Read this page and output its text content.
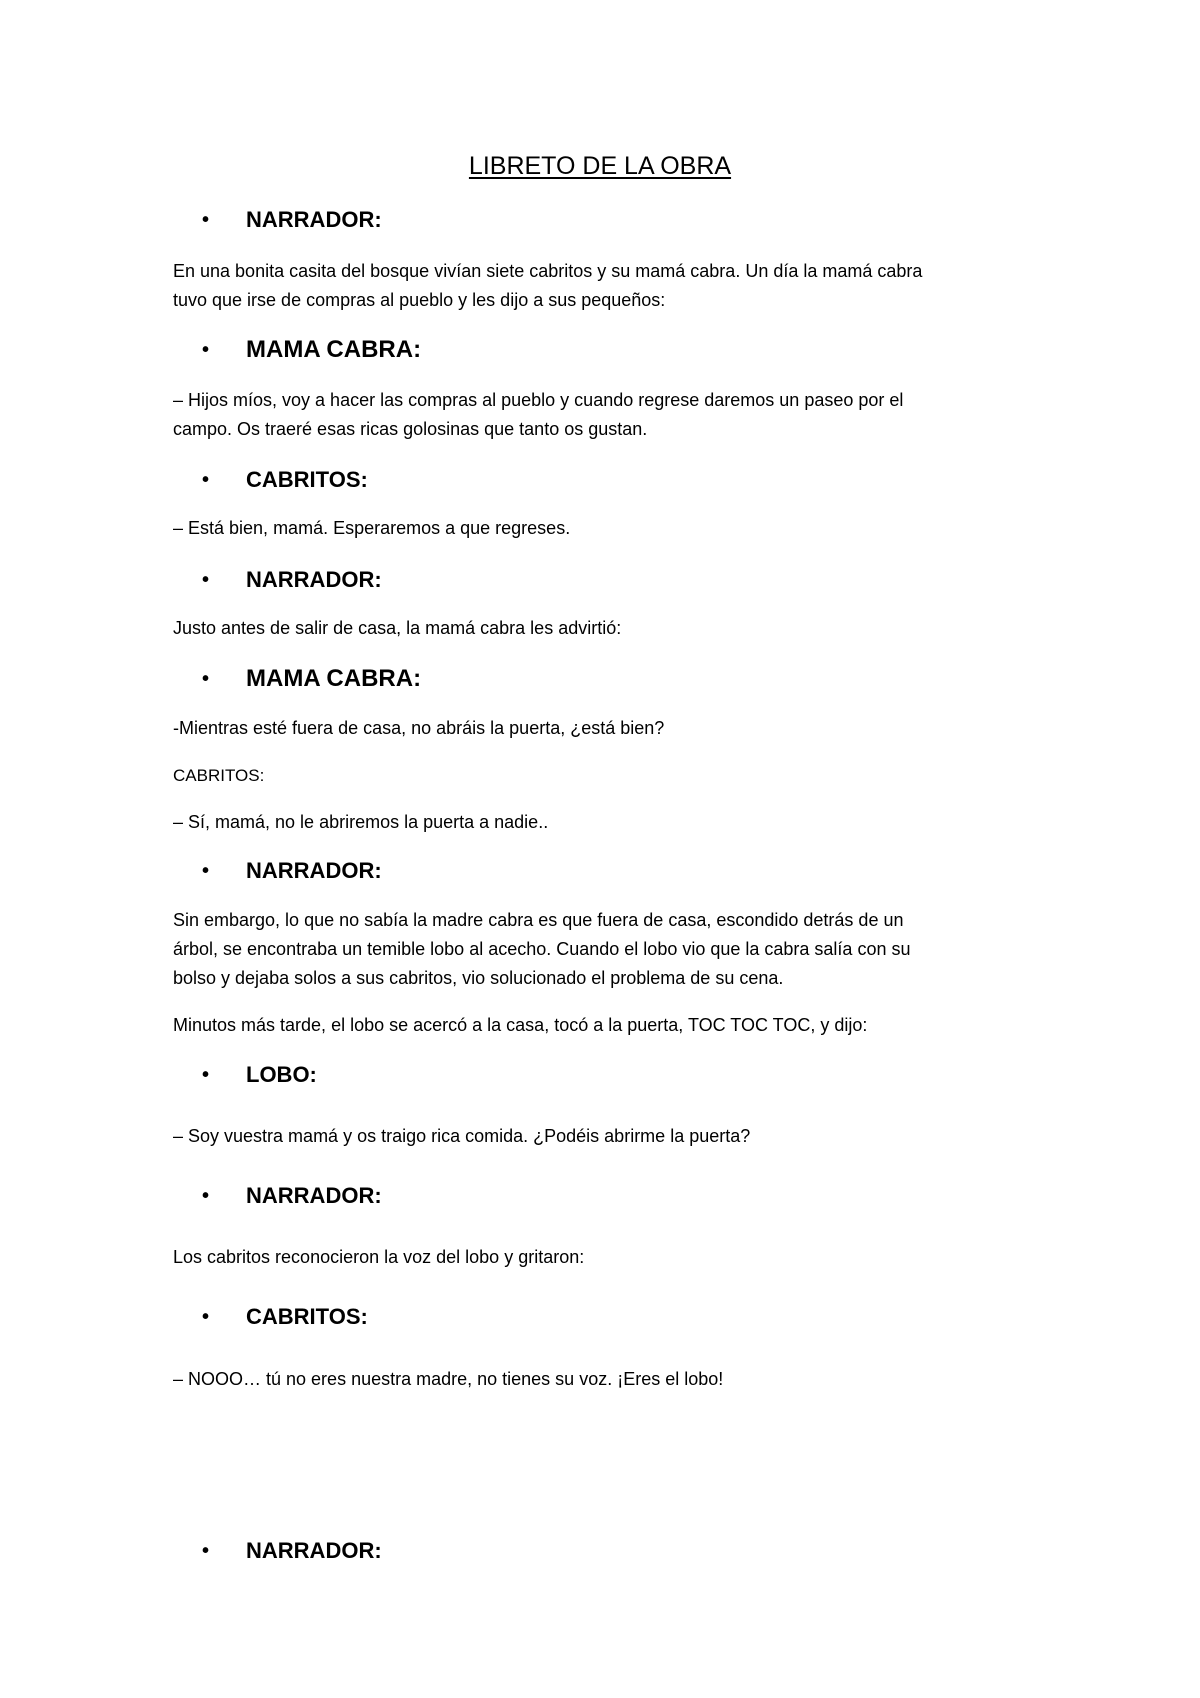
LIBRETO DE LA OBRA
• NARRADOR:
En una bonita casita del bosque vivían siete cabritos y su mamá cabra. Un día la mamá cabra
tuvo que irse de compras al pueblo y les dijo a sus pequeños:
• MAMA CABRA:
– Hijos míos, voy a hacer las compras al pueblo y cuando regrese daremos un paseo por el
campo. Os traeré esas ricas golosinas que tanto os gustan.
• CABRITOS:
– Está bien, mamá. Esperaremos a que regreses.
• NARRADOR:
Justo antes de salir de casa, la mamá cabra les advirtió:
• MAMA CABRA:
-Mientras esté fuera de casa, no abráis la puerta, ¿está bien?
CABRITOS:
– Sí, mamá, no le abriremos la puerta a nadie..
• NARRADOR:
Sin embargo, lo que no sabía la madre cabra es que fuera de casa, escondido detrás de un
árbol, se encontraba un temible lobo al acecho. Cuando el lobo vio que la cabra salía con su
bolso y dejaba solos a sus cabritos, vio solucionado el problema de su cena.
Minutos más tarde, el lobo se acercó a la casa, tocó a la puerta, TOC TOC TOC, y dijo:
• LOBO:
– Soy vuestra mamá y os traigo rica comida. ¿Podéis abrirme la puerta?
• NARRADOR:
Los cabritos reconocieron la voz del lobo y gritaron:
• CABRITOS:
– NOOO… tú no eres nuestra madre, no tienes su voz. ¡Eres el lobo!
• NARRADOR:
